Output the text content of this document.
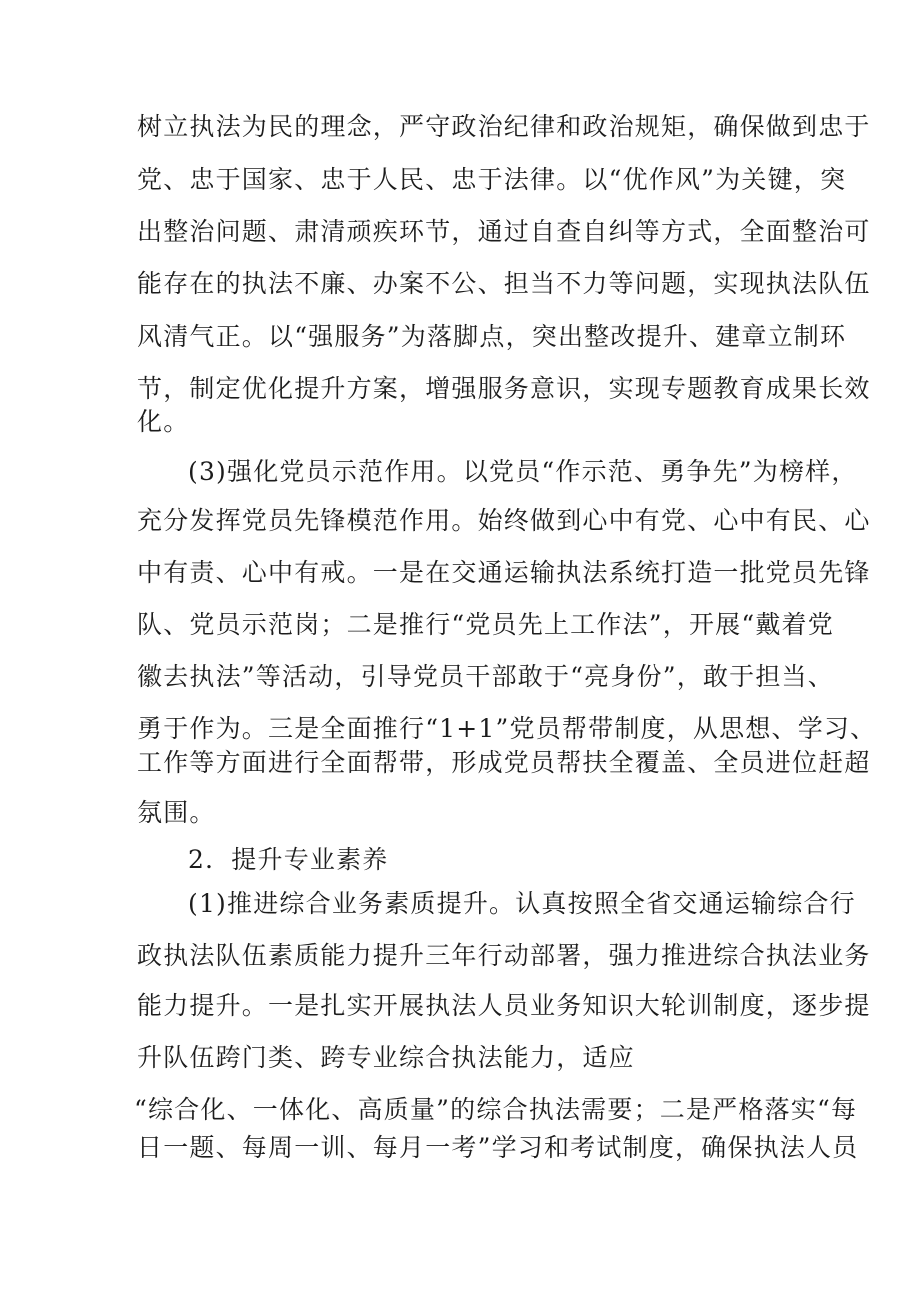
树立执法为民的理念，严守政治纪律和政治规矩，确保做到忠于

党、忠于国家、忠于人民、忠于法律。以“优作风”为关键，突

出整治问题、肃清顽疾环节，通过自查自纠等方式，全面整治可

能存在的执法不廉、办案不公、担当不力等问题，实现执法队伍

风清气正。以“强服务”为落脚点，突出整改提升、建章立制环

节，制定优化提升方案，增强服务意识，实现专题教育成果长效

化。

(3)强化党员示范作用。以党员“作示范、勇争先”为榜样，

充分发挥党员先锋模范作用。始终做到心中有党、心中有民、心

中有责、心中有戒。一是在交通运输执法系统打造一批党员先锋

队、党员示范岗；二是推行“党员先上工作法”，开展“戴着党

徽去执法”等活动，引导党员干部敢于“亮身份”，敢于担当、

勇于作为。三是全面推行“1+1”党员帮带制度，从思想、学习、

工作等方面进行全面帮带，形成党员帮扶全覆盖、全员进位赶超

氛围。

2．提升专业素养

(1)推进综合业务素质提升。认真按照全省交通运输综合行

政执法队伍素质能力提升三年行动部署，强力推进综合执法业务

能力提升。一是扎实开展执法人员业务知识大轮训制度，逐步提

升队伍跨门类、跨专业综合执法能力，适应

“综合化、一体化、高质量”的综合执法需要；二是严格落实“每

日一题、每周一训、每月一考”学习和考试制度，确保执法人员
